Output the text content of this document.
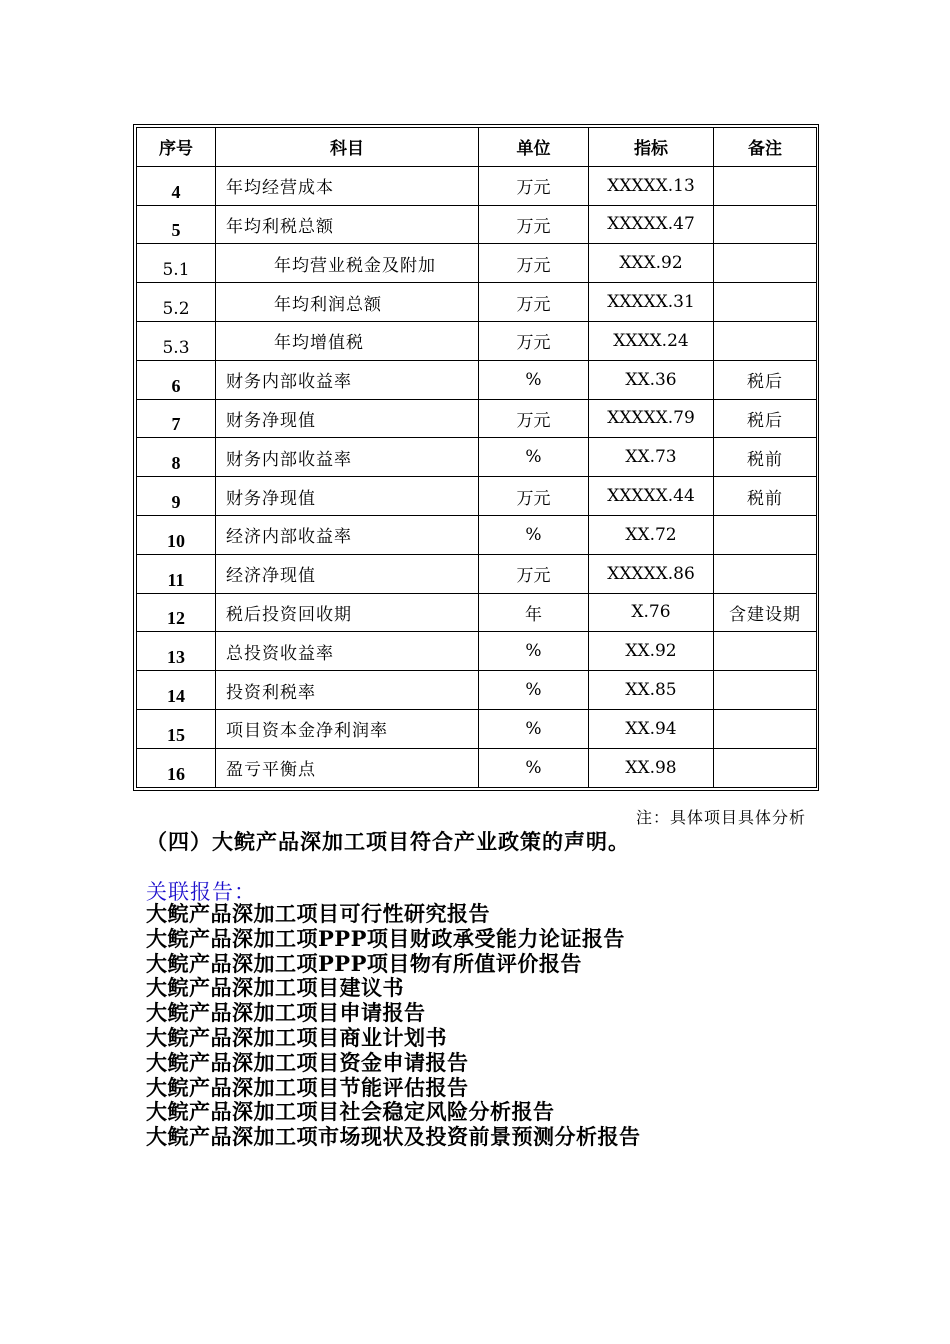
序号	科目	单位	指标	备注
4	年均经营成本	万元	XXXXX.13	
5	年均利税总额	万元	XXXXX.47	
5.1	年均营业税金及附加	万元	XXX.92	
5.2	年均利润总额	万元	XXXXX.31	
5.3	年均增值税	万元	XXXX.24	
6	财务内部收益率	%	XX.36	税后
7	财务净现值	万元	XXXXX.79	税后
8	财务内部收益率	%	XX.73	税前
9	财务净现值	万元	XXXXX.44	税前
10	经济内部收益率	%	XX.72	
11	经济净现值	万元	XXXXX.86	
12	税后投资回收期	年	X.76	含建设期
13	总投资收益率	%	XX.92	
14	投资利税率	%	XX.85	
15	项目资本金净利润率	%	XX.94	
16	盈亏平衡点	%	XX.98	
注：具体项目具体分析
（四）大鲩产品深加工项目符合产业政策的声明。
关联报告：
大鲩产品深加工项目可行性研究报告
大鲩产品深加工项PPP项目财政承受能力论证报告
大鲩产品深加工项PPP项目物有所值评价报告
大鲩产品深加工项目建议书
大鲩产品深加工项目申请报告
大鲩产品深加工项目商业计划书
大鲩产品深加工项目资金申请报告
大鲩产品深加工项目节能评估报告
大鲩产品深加工项目社会稳定风险分析报告
大鲩产品深加工项市场现状及投资前景预测分析报告
